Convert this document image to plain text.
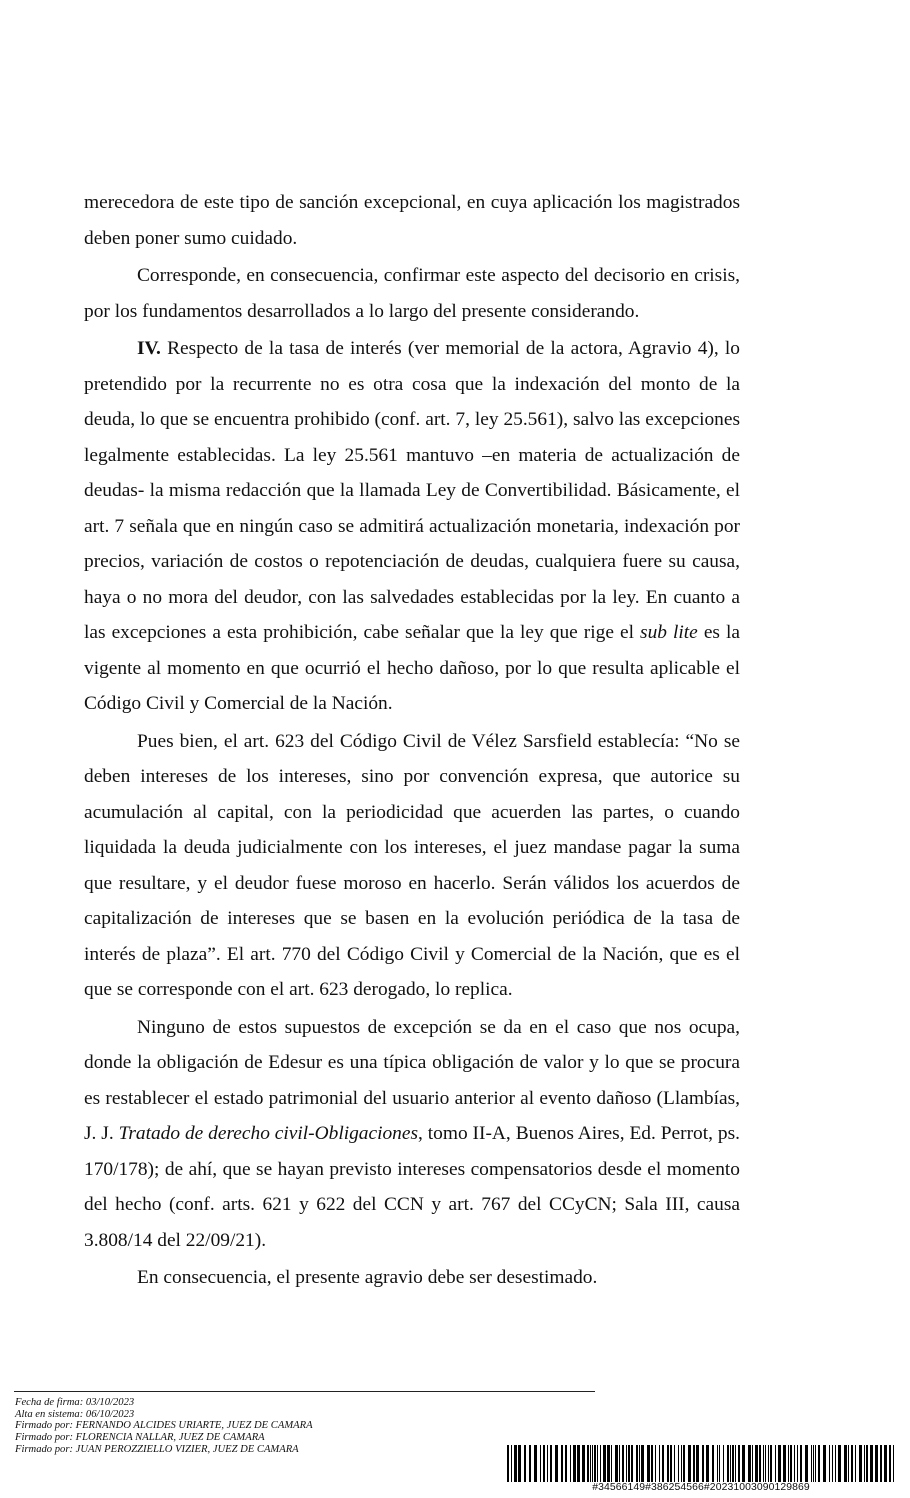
merecedora de este tipo de sanción excepcional, en cuya aplicación los magistrados deben poner sumo cuidado.

Corresponde, en consecuencia, confirmar este aspecto del decisorio en crisis, por los fundamentos desarrollados a lo largo del presente considerando.

IV. Respecto de la tasa de interés (ver memorial de la actora, Agravio 4), lo pretendido por la recurrente no es otra cosa que la indexación del monto de la deuda, lo que se encuentra prohibido (conf. art. 7, ley 25.561), salvo las excepciones legalmente establecidas. La ley 25.561 mantuvo –en materia de actualización de deudas- la misma redacción que la llamada Ley de Convertibilidad. Básicamente, el art. 7 señala que en ningún caso se admitirá actualización monetaria, indexación por precios, variación de costos o repotenciación de deudas, cualquiera fuere su causa, haya o no mora del deudor, con las salvedades establecidas por la ley. En cuanto a las excepciones a esta prohibición, cabe señalar que la ley que rige el sub lite es la vigente al momento en que ocurrió el hecho dañoso, por lo que resulta aplicable el Código Civil y Comercial de la Nación.

Pues bien, el art. 623 del Código Civil de Vélez Sarsfield establecía: “No se deben intereses de los intereses, sino por convención expresa, que autorice su acumulación al capital, con la periodicidad que acuerden las partes, o cuando liquidada la deuda judicialmente con los intereses, el juez mandase pagar la suma que resultare, y el deudor fuese moroso en hacerlo. Serán válidos los acuerdos de capitalización de intereses que se basen en la evolución periódica de la tasa de interés de plaza”. El art. 770 del Código Civil y Comercial de la Nación, que es el que se corresponde con el art. 623 derogado, lo replica.

Ninguno de estos supuestos de excepción se da en el caso que nos ocupa, donde la obligación de Edesur es una típica obligación de valor y lo que se procura es restablecer el estado patrimonial del usuario anterior al evento dañoso (Llambías, J. J. Tratado de derecho civil-Obligaciones, tomo II-A, Buenos Aires, Ed. Perrot, ps. 170/178); de ahí, que se hayan previsto intereses compensatorios desde el momento del hecho (conf. arts. 621 y 622 del CCN y art. 767 del CCyCN; Sala III, causa 3.808/14 del 22/09/21).

En consecuencia, el presente agravio debe ser desestimado.

Fecha de firma: 03/10/2023
Alta en sistema: 06/10/2023
Firmado por: FERNANDO ALCIDES URIARTE, JUEZ DE CAMARA
Firmado por: FLORENCIA NALLAR, JUEZ DE CAMARA
Firmado por: JUAN PEROZZIELLO VIZIER, JUEZ DE CAMARA
#34566149#386254566#20231003090129869
